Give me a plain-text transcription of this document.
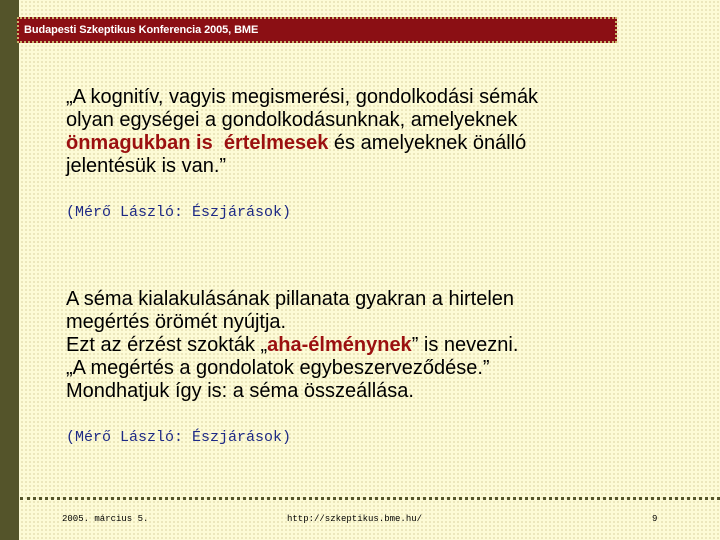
Budapesti Szkeptikus Konferencia 2005, BME
„A kognitív, vagyis megismerési, gondolkodási sémák
olyan egységei a gondolkodásunknak, amelyeknek
önmagukban is értelmesek és amelyeknek önálló
jelentésük is van.”
(Mérő László: Észjárások)
A séma kialakulásának pillanata gyakran a hirtelen
megértés örömét nyújtja.
Ezt az érzést szokták „aha-élménynek” is nevezni.
„A megértés a gondolatok egybeszerveződése.”
Mondhatjuk így is: a séma összeállása.
(Mérő László: Észjárások)
2005. március 5.	http://szkeptikus.bme.hu/	9
